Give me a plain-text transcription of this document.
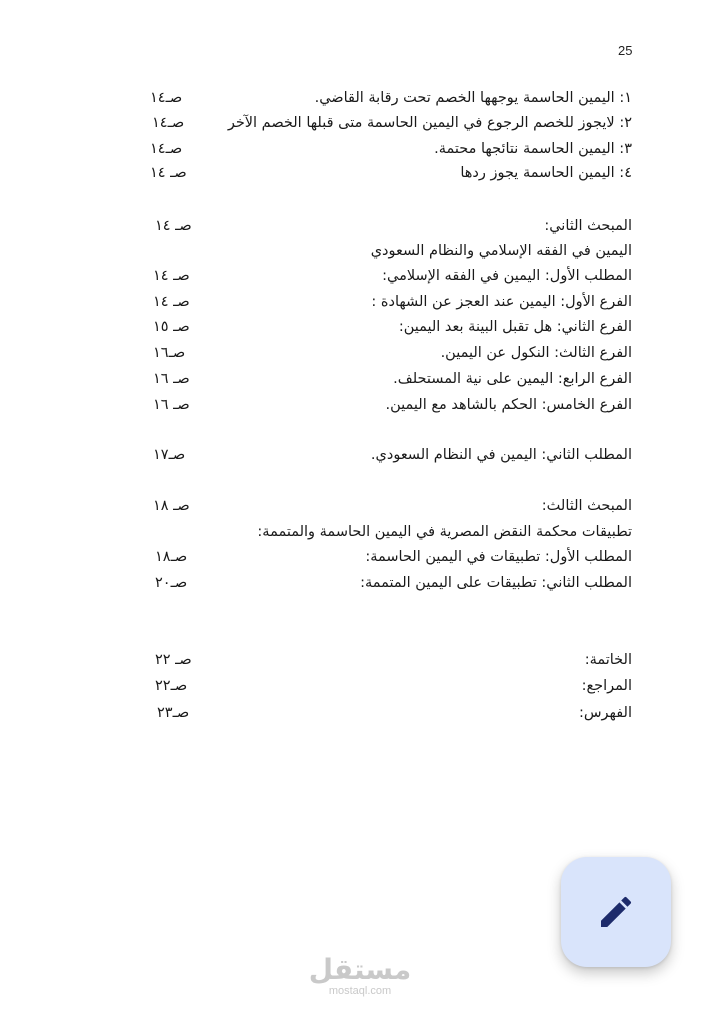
25
١: اليمين الحاسمة يوجهها الخصم تحت رقابة القاضي.
صـ١٤
٢: لايجوز للخصم الرجوع في اليمين الحاسمة متى قبلها الخصم الآخر
صـ١٤
٣: اليمين الحاسمة نتائجها محتمة.
صـ١٤
٤: اليمين الحاسمة يجوز ردها
صـ ١٤
المبحث الثاني:
صـ ١٤
اليمين في الفقه الإسلامي والنظام السعودي
المطلب الأول: اليمين في الفقه الإسلامي:
صـ ١٤
الفرع الأول: اليمين عند العجز عن الشهادة :
صـ ١٤
الفرع الثاني: هل تقبل البينة بعد اليمين:
صـ ١٥
الفرع الثالث: النكول عن اليمين.
صـ١٦
الفرع الرابع: اليمين على نية المستحلف.
صـ ١٦
الفرع الخامس: الحكم بالشاهد مع اليمين.
صـ ١٦
المطلب الثاني: اليمين في النظام السعودي.
صـ١٧
المبحث الثالث:
صـ ١٨
تطبيقات محكمة النقض المصرية في اليمين الحاسمة والمتممة:
المطلب الأول: تطبيقات في اليمين الحاسمة:
صـ١٨
المطلب الثاني: تطبيقات على اليمين المتممة:
صـ٢٠
الخاتمة:
صـ ٢٢
المراجع:
صـ٢٢
الفهرس:
صـ٢٣
مستقل
mostaql.com
